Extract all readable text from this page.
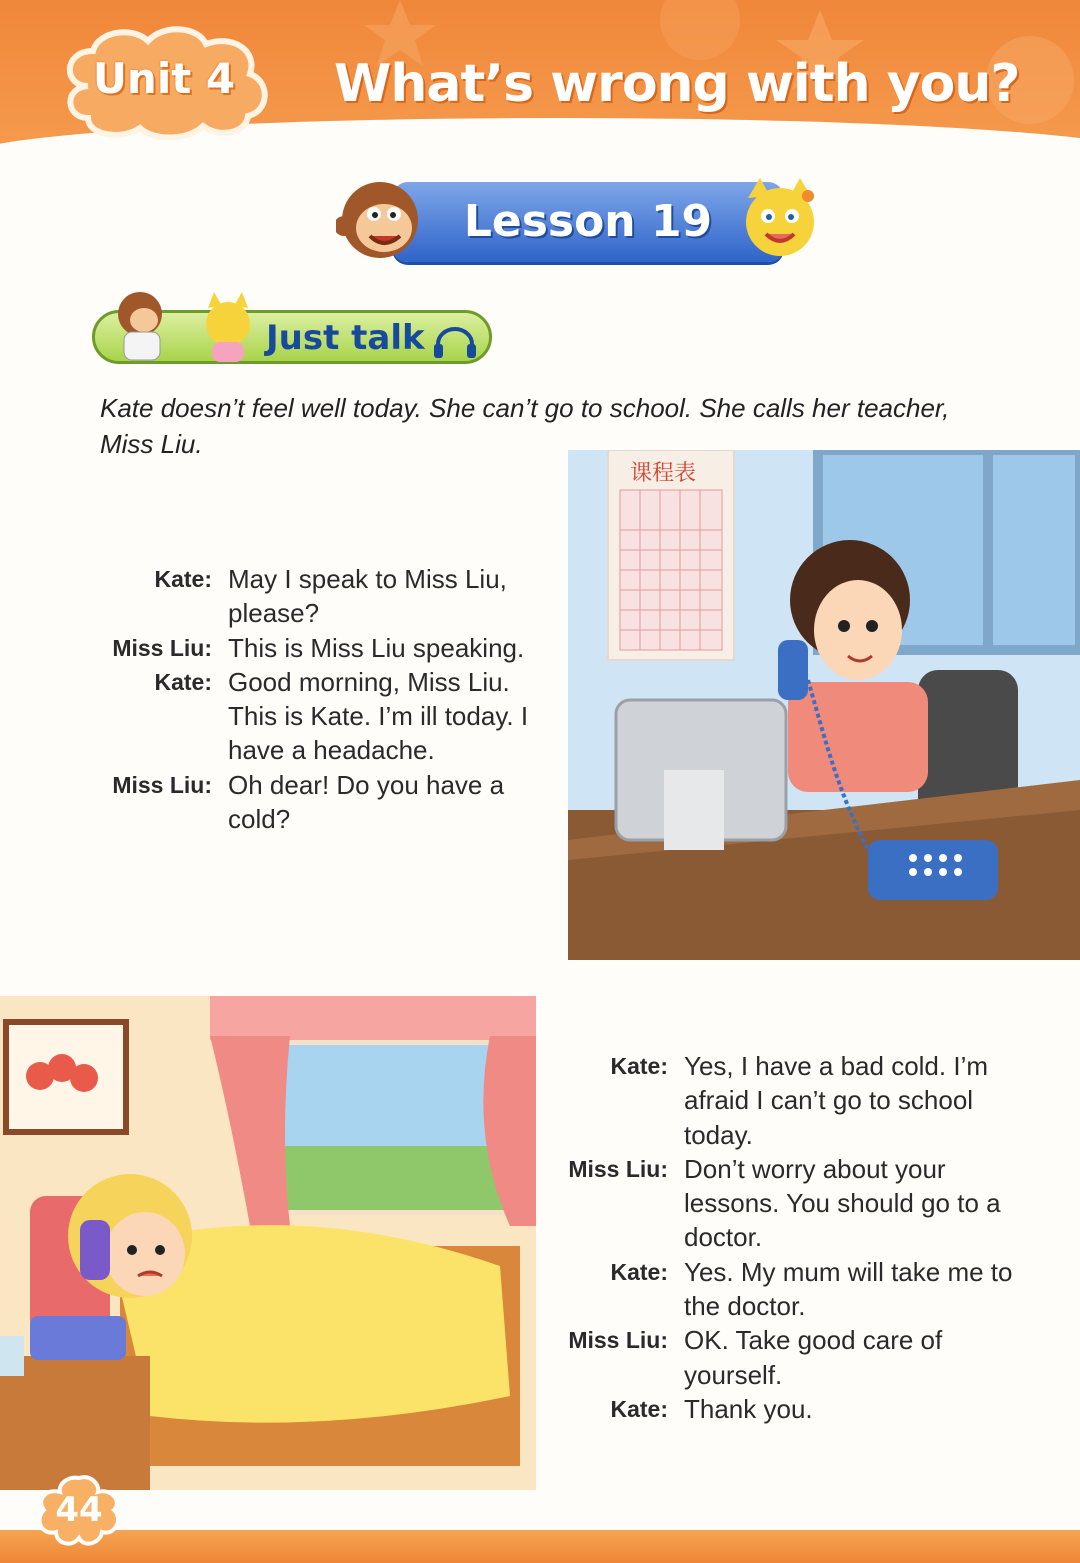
Unit 4	What’s wrong with you?
Lesson 19
Just talk

Kate doesn’t feel well today. She can’t go to school. She calls her teacher, Miss Liu.

Kate: May I speak to Miss Liu, please?
Miss Liu: This is Miss Liu speaking.
Kate: Good morning, Miss Liu. This is Kate. I’m ill today. I have a headache.
Miss Liu: Oh dear! Do you have a cold?
课程表
Kate: Yes, I have a bad cold. I’m afraid I can’t go to school today.
Miss Liu: Don’t worry about your lessons. You should go to a doctor.
Kate: Yes. My mum will take me to the doctor.
Miss Liu: OK. Take good care of yourself.
Kate: Thank you.
44
